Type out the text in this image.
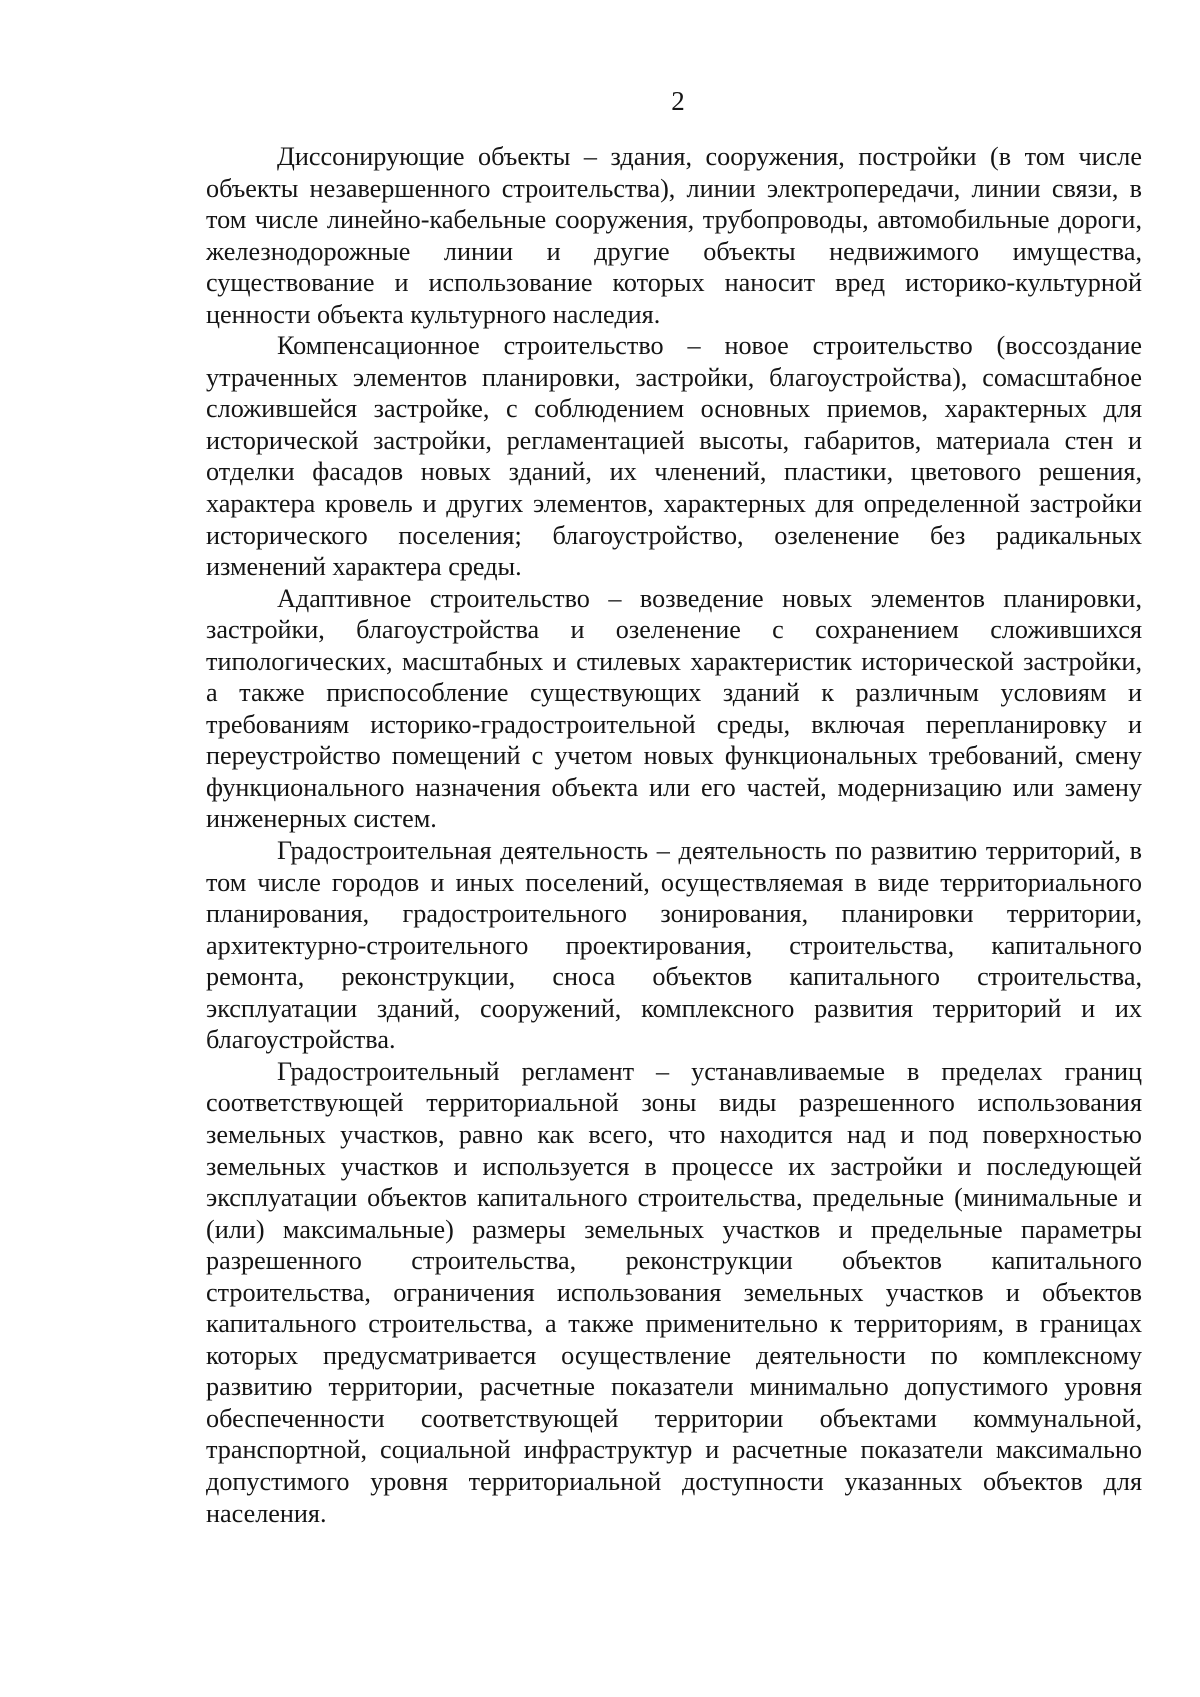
2

Диссонирующие объекты – здания, сооружения, постройки (в том числе объекты незавершенного строительства), линии электропередачи, линии связи, в том числе линейно-кабельные сооружения, трубопроводы, автомобильные дороги, железнодорожные линии и другие объекты недвижимого имущества, существование и использование которых наносит вред историко-культурной ценности объекта культурного наследия.

Компенсационное строительство – новое строительство (воссоздание утраченных элементов планировки, застройки, благоустройства), сомасштабное сложившейся застройке, с соблюдением основных приемов, характерных для исторической застройки, регламентацией высоты, габаритов, материала стен и отделки фасадов новых зданий, их членений, пластики, цветового решения, характера кровель и других элементов, характерных для определенной застройки исторического поселения; благоустройство, озеленение без радикальных изменений характера среды.

Адаптивное строительство – возведение новых элементов планировки, застройки, благоустройства и озеленение с сохранением сложившихся типологических, масштабных и стилевых характеристик исторической застройки, а также приспособление существующих зданий к различным условиям и требованиям историко-градостроительной среды, включая перепланировку и переустройство помещений с учетом новых функциональных требований, смену функционального назначения объекта или его частей, модернизацию или замену инженерных систем.

Градостроительная деятельность – деятельность по развитию территорий, в том числе городов и иных поселений, осуществляемая в виде территориального планирования, градостроительного зонирования, планировки территории, архитектурно-строительного проектирования, строительства, капитального ремонта, реконструкции, сноса объектов капитального строительства, эксплуатации зданий, сооружений, комплексного развития территорий и их благоустройства.

Градостроительный регламент – устанавливаемые в пределах границ соответствующей территориальной зоны виды разрешенного использования земельных участков, равно как всего, что находится над и под поверхностью земельных участков и используется в процессе их застройки и последующей эксплуатации объектов капитального строительства, предельные (минимальные и (или) максимальные) размеры земельных участков и предельные параметры разрешенного строительства, реконструкции объектов капитального строительства, ограничения использования земельных участков и объектов капитального строительства, а также применительно к территориям, в границах которых предусматривается осуществление деятельности по комплексному развитию территории, расчетные показатели минимально допустимого уровня обеспеченности соответствующей территории объектами коммунальной, транспортной, социальной инфраструктур и расчетные показатели максимально допустимого уровня территориальной доступности указанных объектов для населения.
